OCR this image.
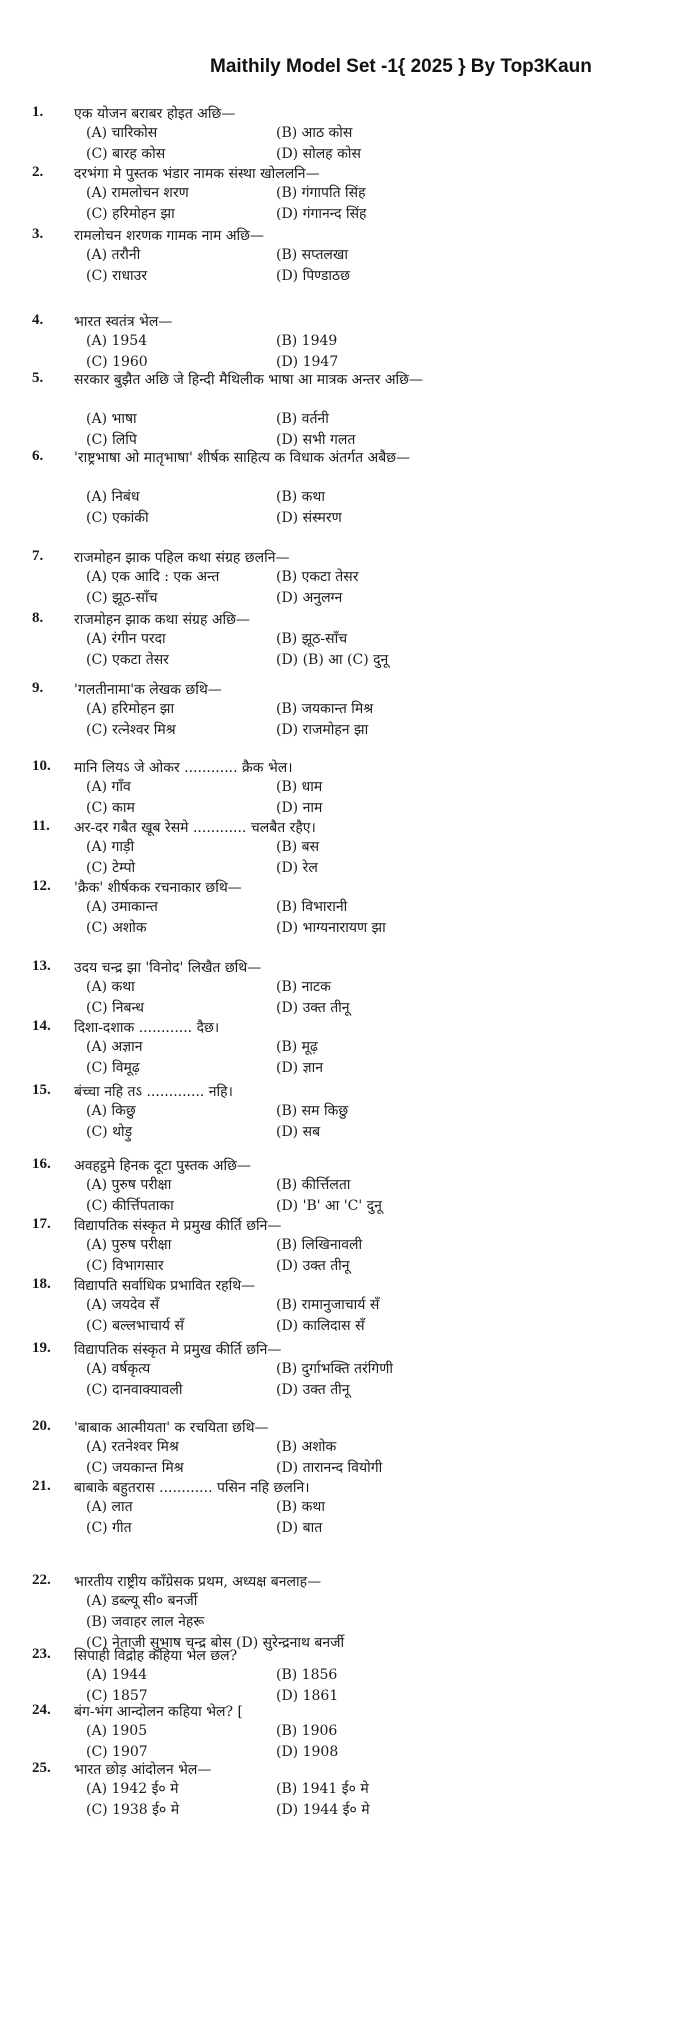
Maithily Model Set -1{ 2025 } By Top3Kaun
1. एक योजन बराबर होइत अछि—
(A) चारिकोस	(B) आठ कोस
(C) बारह कोस	(D) सोलह कोस
2. दरभंगा मे पुस्तक भंडार नामक संस्था खोललनि—
(A) रामलोचन शरण	(B) गंगापति सिंह
(C) हरिमोहन झा	(D) गंगानन्द सिंह
3. रामलोचन शरणक गामक नाम अछि—
(A) तरौनी	(B) सप्तलखा
(C) राधाउर	(D) पिण्डाठछ
4. भारत स्वतंत्र भेल—
(A) 1954	(B) 1949
(C) 1960	(D) 1947
5. सरकार बुझैत अछि जे हिन्दी मैथिलीक भाषा आ मात्रक अन्तर अछि—
(A) भाषा	(B) वर्तनी
(C) लिपि	(D) सभी गलत
6. 'राष्ट्रभाषा ओ मातृभाषा' शीर्षक साहित्य क विधाक अंतर्गत अबैछ—
(A) निबंध	(B) कथा
(C) एकांकी	(D) संस्मरण
7. राजमोहन झाक पहिल कथा संग्रह छलनि—
(A) एक आदि : एक अन्त	(B) एकटा तेसर
(C) झूठ-साँच	(D) अनुलग्न
8. राजमोहन झाक कथा संग्रह अछि—
(A) रंगीन परदा	(B) झूठ-साँच
(C) एकटा तेसर	(D) (B) आ (C) दुनू
9. 'गलतीनामा'क लेखक छथि—
(A) हरिमोहन झा	(B) जयकान्त मिश्र
(C) रत्नेश्वर मिश्र	(D) राजमोहन झा
10. मानि लियऽ जे ओकर ............ क्रैक भेल।
(A) गाँव	(B) धाम
(C) काम	(D) नाम
11. अर-दर गबैत खूब रेसमे ............ चलबैत रहैए।
(A) गाड़ी	(B) बस
(C) टेम्पो	(D) रेल
12. 'क्रैक' शीर्षकक रचनाकार छथि—
(A) उमाकान्त	(B) विभारानी
(C) अशोक	(D) भाग्यनारायण झा
13. उदय चन्द्र झा 'विनोद' लिखैत छथि—
(A) कथा	(B) नाटक
(C) निबन्ध	(D) उक्त तीनू
14. दिशा-दशाक ............ दैछ।
(A) अज्ञान	(B) मूढ़
(C) विमूढ़	(D) ज्ञान
15. बंच्चा नहि तऽ ............. नहि।
(A) किछु	(B) सम किछु
(C) थोड़ु	(D) सब
16. अवहट्ठमे हिनक दूटा पुस्तक अछि—
(A) पुरुष परीक्षा	(B) कीर्त्तिलता
(C) कीर्त्तिपताका	(D) 'B' आ 'C' दुनू
17. विद्यापतिक संस्कृत मे प्रमुख कीर्ति छनि—
(A) पुरुष परीक्षा	(B) लिखिनावली
(C) विभागसार	(D) उक्त तीनू
18. विद्यापति सर्वाधिक प्रभावित रहथि—
(A) जयदेव सँ	(B) रामानुजाचार्य सँ
(C) बल्लभाचार्य सँ	(D) कालिदास सँ
19. विद्यापतिक संस्कृत मे प्रमुख कीर्ति छनि—
(A) वर्षकृत्य	(B) दुर्गाभक्ति तरंगिणी
(C) दानवाक्यावली	(D) उक्त तीनू
20. 'बाबाक आत्मीयता' क रचयिता छथि—
(A) रतनेश्वर मिश्र	(B) अशोक
(C) जयकान्त मिश्र	(D) तारानन्द वियोगी
21. बाबाके बहुतरास ............ पसिन नहि छलनि।
(A) लात	(B) कथा
(C) गीत	(D) बात
22. भारतीय राष्ट्रीय काँग्रेसक प्रथम, अध्यक्ष बनलाह—
(A) डब्ल्यू सी० बनर्जी
(B) जवाहर लाल नेहरू
(C) नेताजी सुभाष चन्द्र बोस (D) सुरेन्द्रनाथ बनर्जी
23. सिपाही विद्रोह कहिया भेल छल?
(A) 1944	(B) 1856
(C) 1857	(D) 1861
24. बंग-भंग आन्दोलन कहिया भेल? [
(A) 1905	(B) 1906
(C) 1907	(D) 1908
25. भारत छोड़ आंदोलन भेल—
(A) 1942 ई० मे	(B) 1941 ई० मे
(C) 1938 ई० मे	(D) 1944 ई० मे
